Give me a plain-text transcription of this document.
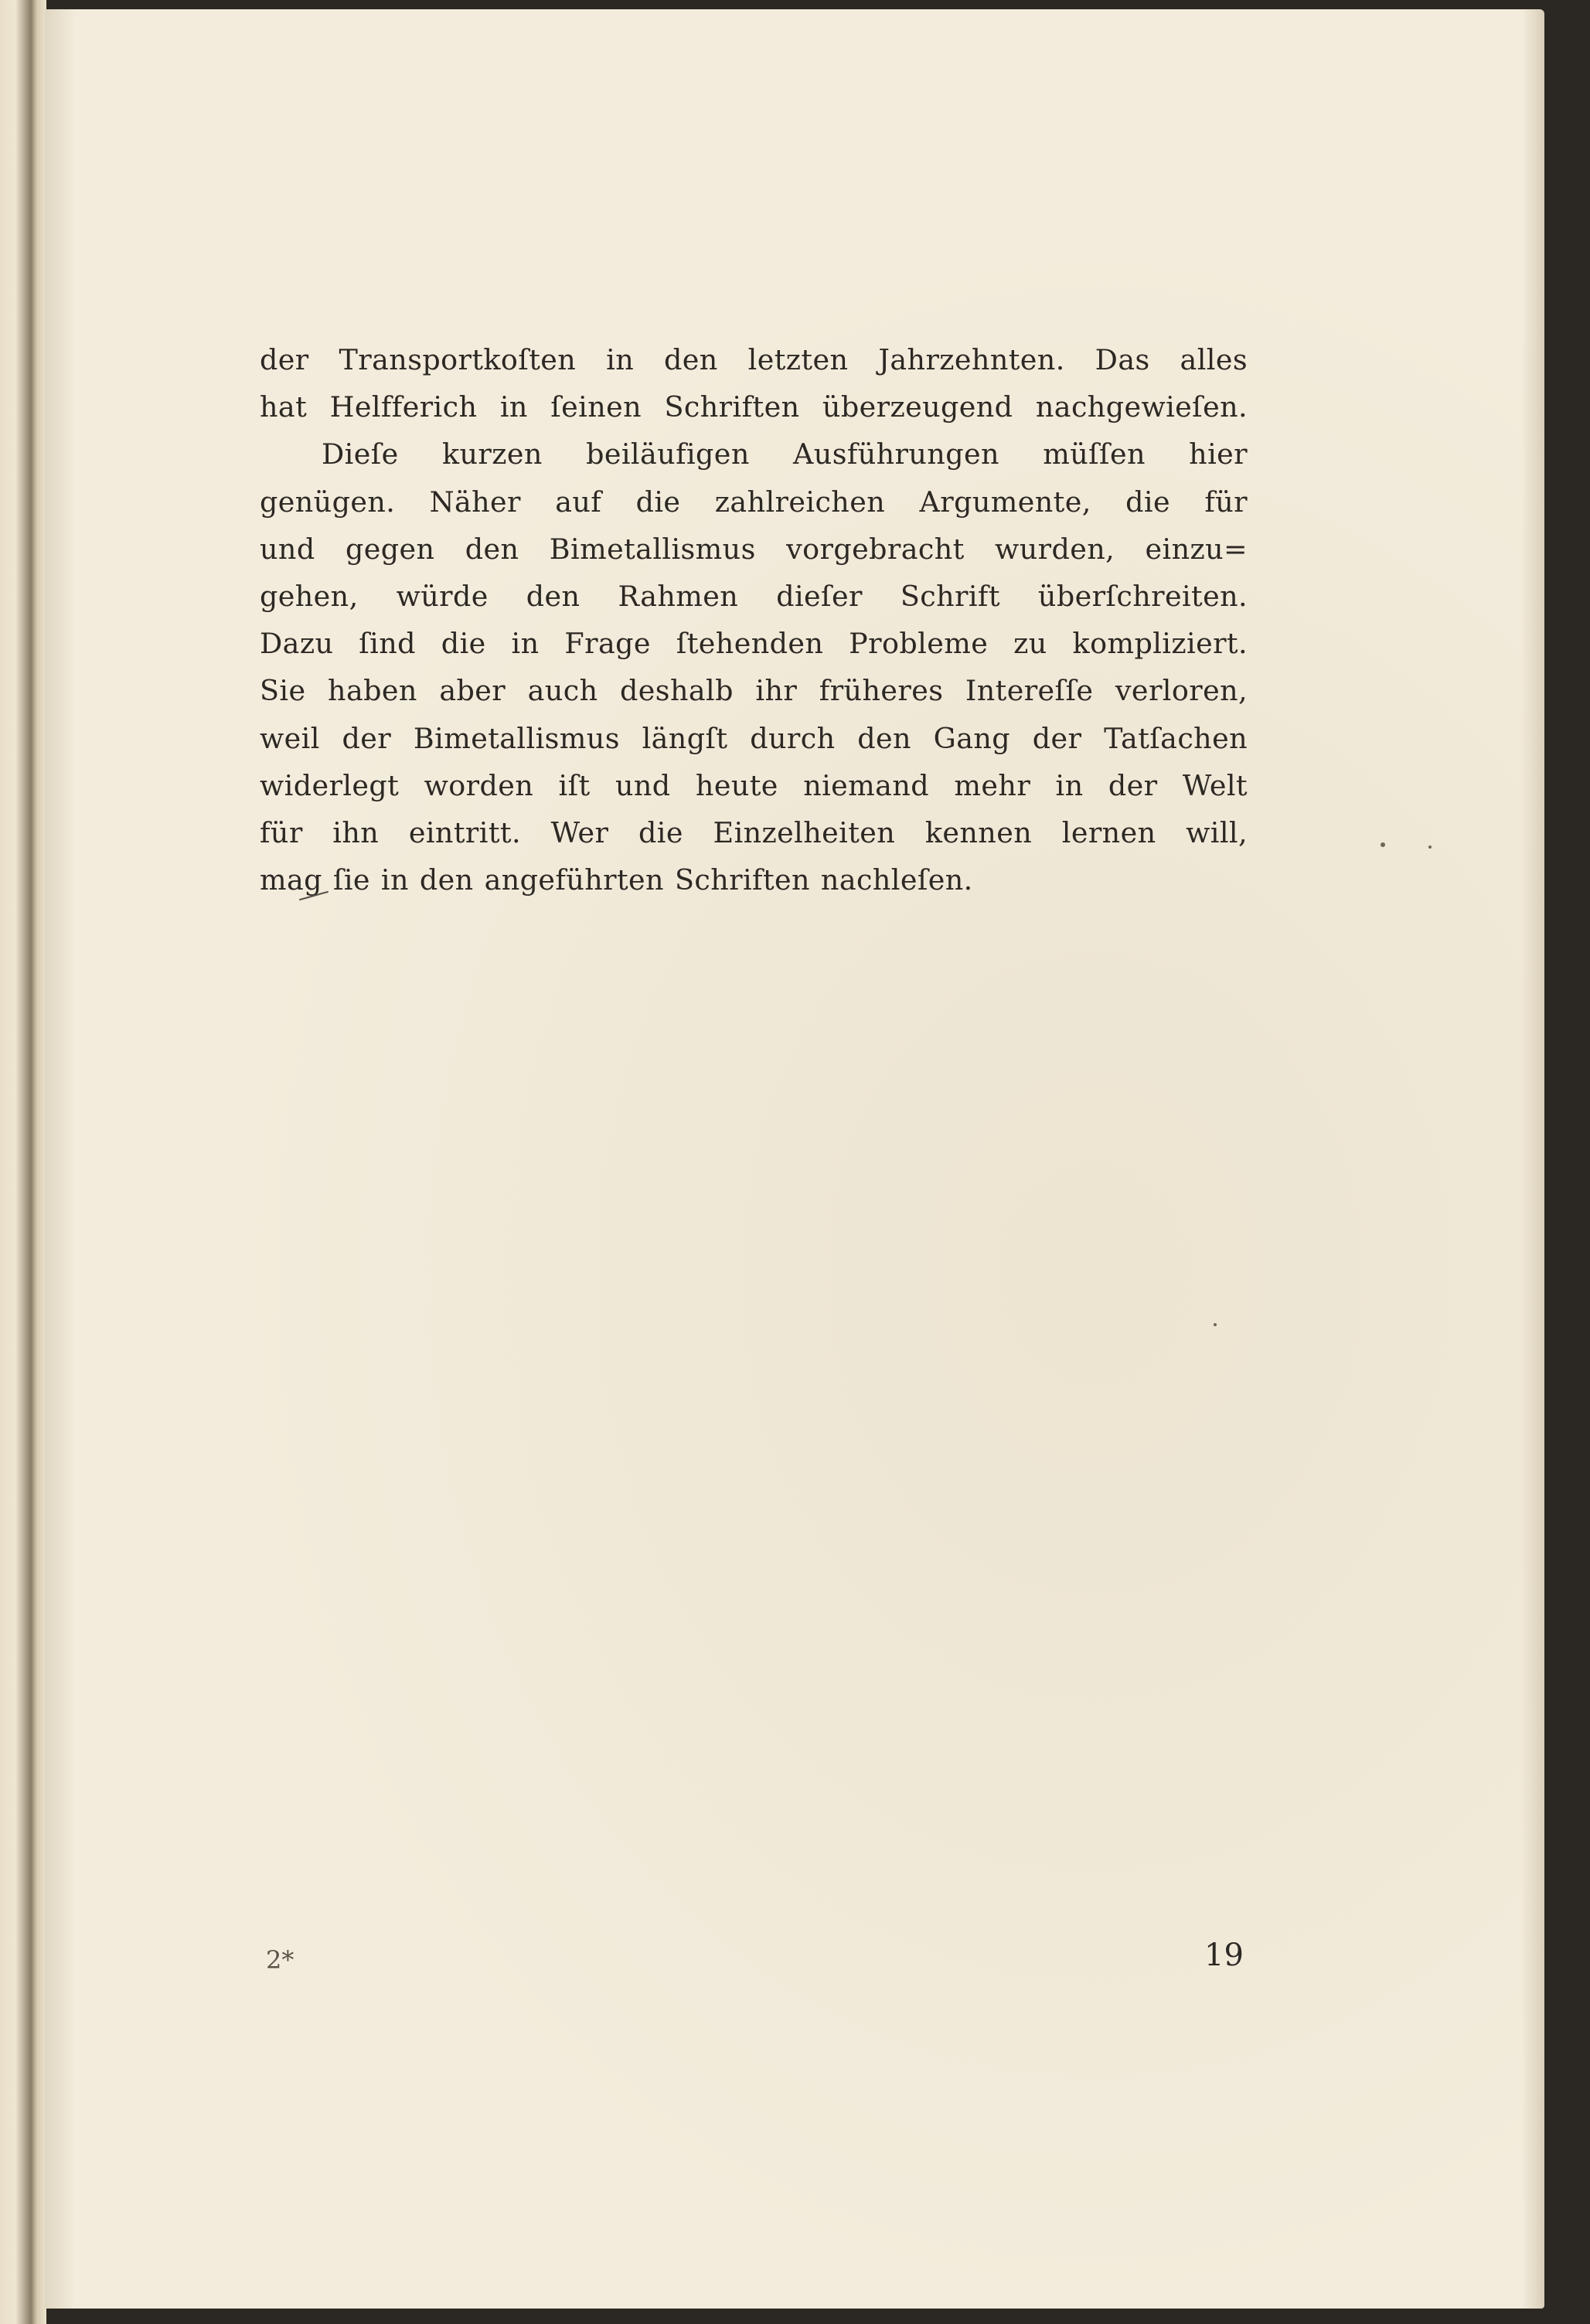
der Transportkoſten in den letzten Jahrzehnten. Das alles
hat Helfferich in ſeinen Schriften überzeugend nachgewieſen.
Dieſe kurzen beiläufigen Ausführungen müſſen hier
genügen. Näher auf die zahlreichen Argumente, die für
und gegen den Bimetallismus vorgebracht wurden, einzu=
gehen, würde den Rahmen dieſer Schrift überſchreiten.
Dazu ſind die in Frage ſtehenden Probleme zu kompliziert.
Sie haben aber auch deshalb ihr früheres Intereſſe verloren,
weil der Bimetallismus längſt durch den Gang der Tatſachen
widerlegt worden iſt und heute niemand mehr in der Welt
für ihn eintritt. Wer die Einzelheiten kennen lernen will,
mag ſie in den angeführten Schriften nachleſen.
2*	19
